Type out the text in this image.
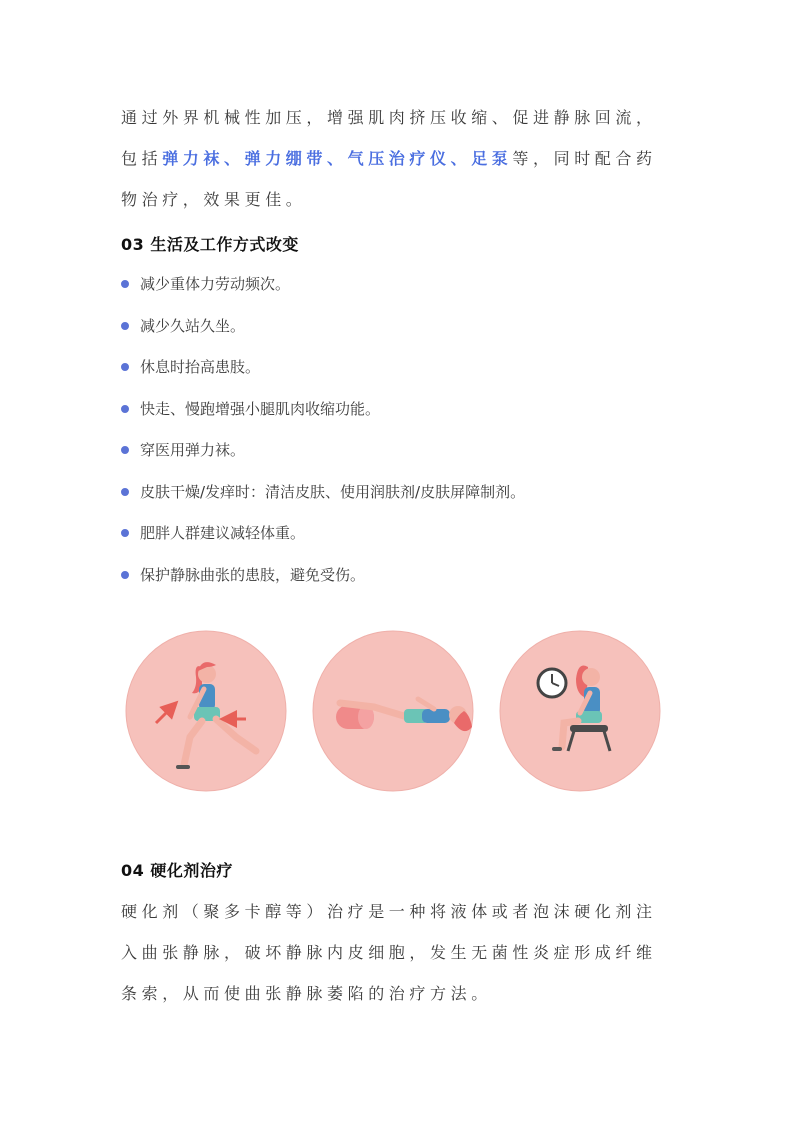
通过外界机械性加压，增强肌肉挤压收缩、促进静脉回流，包括弹力袜、弹力绷带、气压治疗仪、足泵等，同时配合药物治疗，效果更佳。

03 生活及工作方式改变
减少重体力劳动频次。
减少久站久坐。
休息时抬高患肢。
快走、慢跑增强小腿肌肉收缩功能。
穿医用弹力袜。
皮肤干燥/发痒时：清洁皮肤、使用润肤剂/皮肤屏障制剂。
肥胖人群建议减轻体重。
保护静脉曲张的患肢，避免受伤。
04 硬化剂治疗

硬化剂（聚多卡醇等）治疗是一种将液体或者泡沫硬化剂注入曲张静脉，破坏静脉内皮细胞，发生无菌性炎症形成纤维条索，从而使曲张静脉萎陷的治疗方法。
